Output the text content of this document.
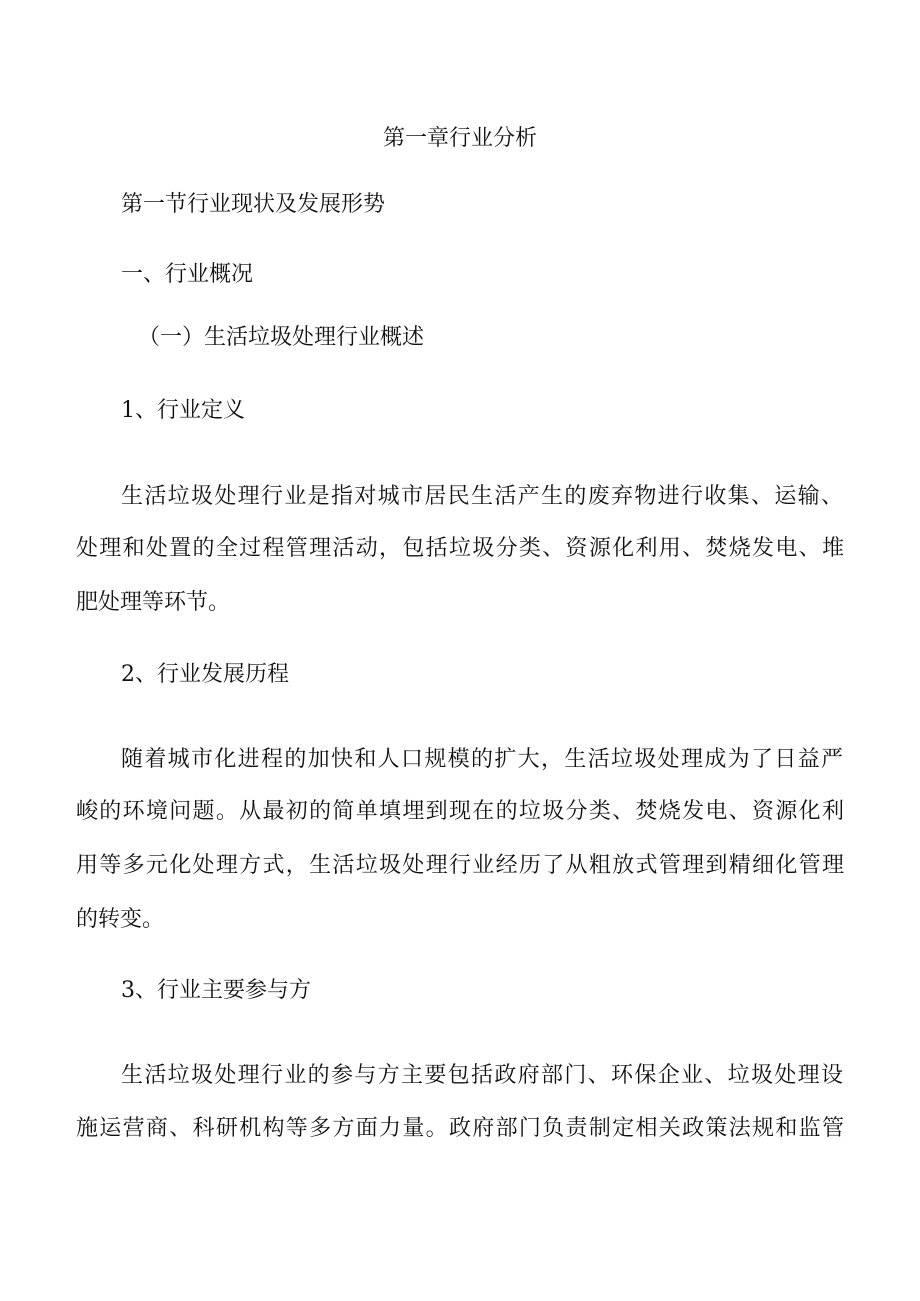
第一章行业分析

第一节行业现状及发展形势

一、行业概况

（一）生活垃圾处理行业概述

1、行业定义

生活垃圾处理行业是指对城市居民生活产生的废弃物进行收集、运输、

处理和处置的全过程管理活动，包括垃圾分类、资源化利用、焚烧发电、堆

肥处理等环节。

2、行业发展历程

随着城市化进程的加快和人口规模的扩大，生活垃圾处理成为了日益严

峻的环境问题。从最初的简单填埋到现在的垃圾分类、焚烧发电、资源化利

用等多元化处理方式，生活垃圾处理行业经历了从粗放式管理到精细化管理

的转变。

3、行业主要参与方

生活垃圾处理行业的参与方主要包括政府部门、环保企业、垃圾处理设

施运营商、科研机构等多方面力量。政府部门负责制定相关政策法规和监管
